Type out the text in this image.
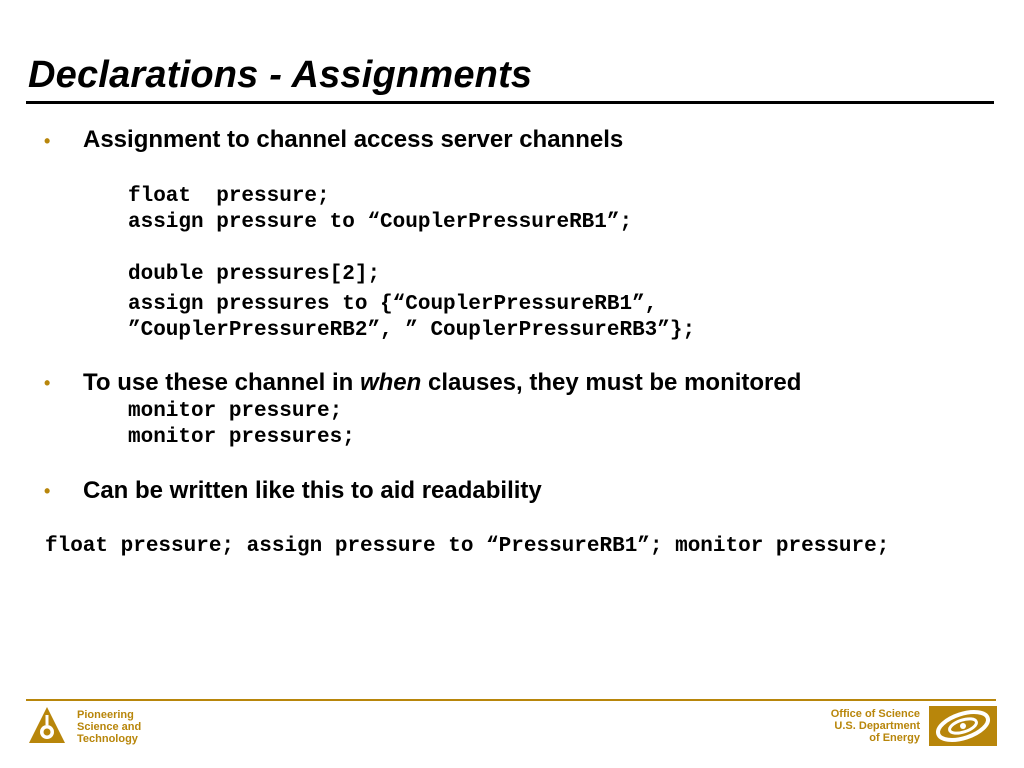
Declarations - Assignments
• Assignment to channel access server channels
float  pressure;
assign pressure to “CouplerPressureRB1”;
double pressures[2];
assign pressures to {“CouplerPressureRB1”,
”CouplerPressureRB2”, ” CouplerPressureRB3”};
• To use these channel in when clauses, they must be monitored
monitor pressure;
monitor pressures;
• Can be written like this to aid readability
float pressure; assign pressure to “PressureRB1”; monitor pressure;
Pioneering
Science and
Technology
Office of Science
U.S. Department
of Energy
